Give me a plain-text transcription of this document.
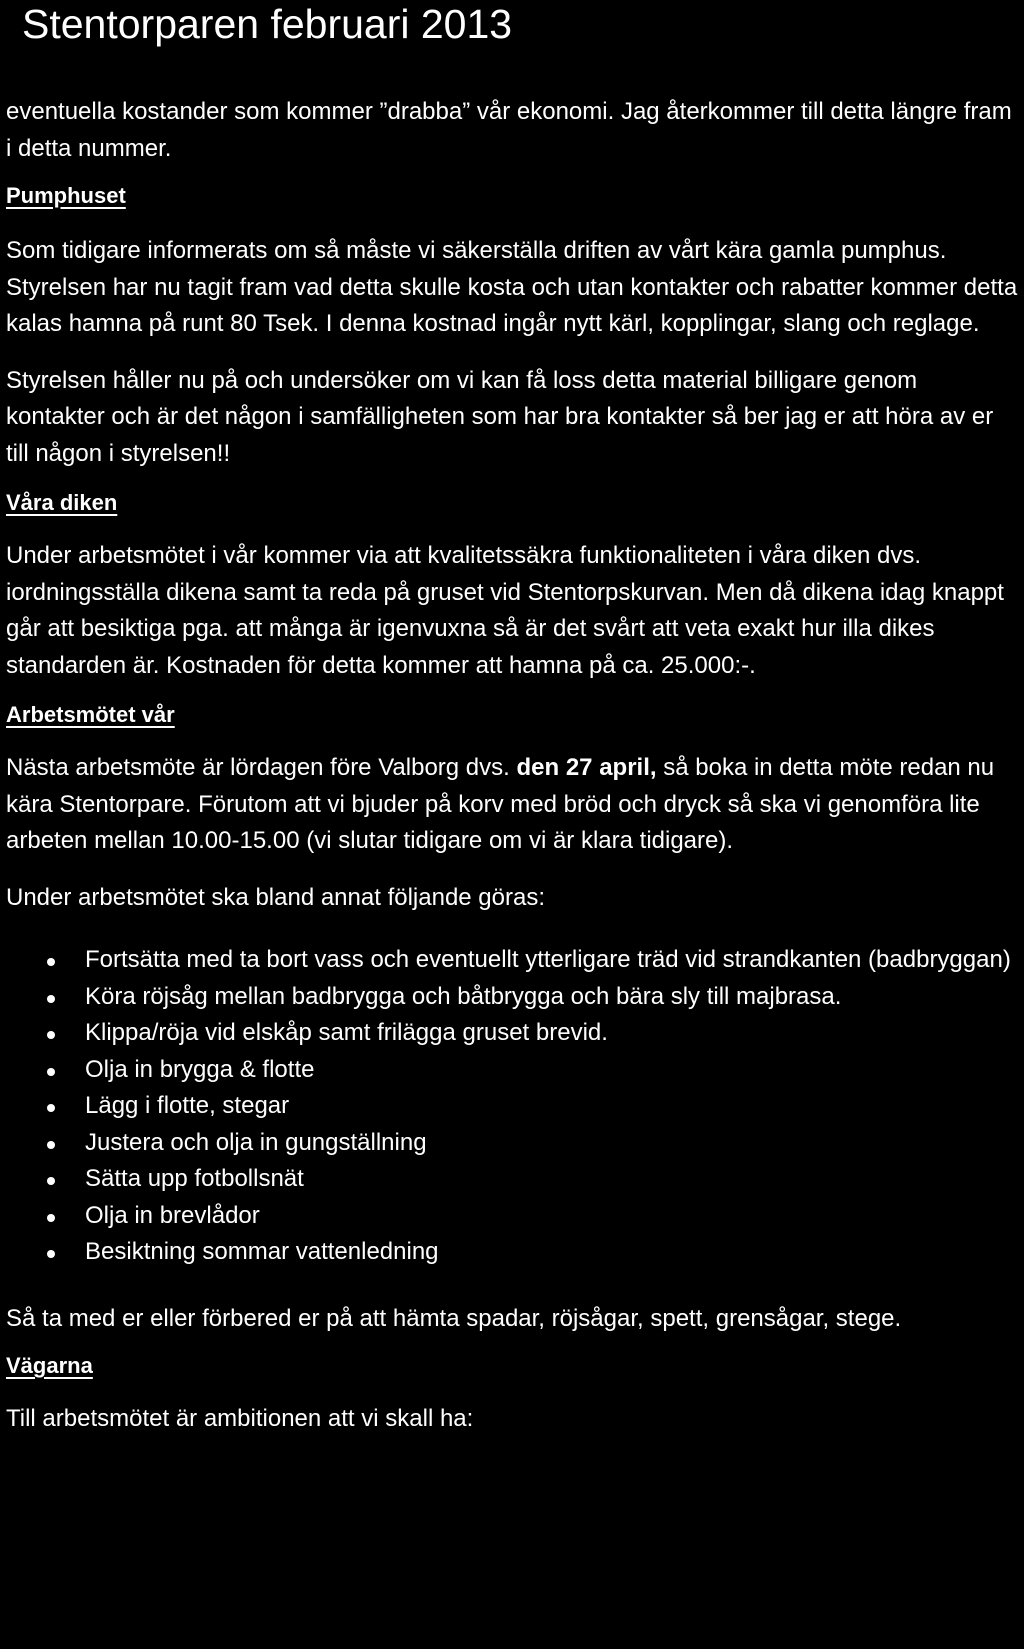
Stentorparen februari 2013

eventuella kostander som kommer ”drabba” vår ekonomi. Jag återkommer till detta längre fram i detta nummer.

Pumphuset

Som tidigare informerats om så måste vi säkerställa driften av vårt kära gamla pumphus. Styrelsen har nu tagit fram vad detta skulle kosta och utan kontakter och rabatter kommer detta kalas hamna på runt 80 Tsek. I denna kostnad ingår nytt kärl, kopplingar, slang och reglage.

Styrelsen håller nu på och undersöker om vi kan få loss detta material billigare genom kontakter och är det någon i samfälligheten som har bra kontakter så ber jag er att höra av er till någon i styrelsen!!

Våra diken

Under arbetsmötet i vår kommer via att kvalitetssäkra funktionaliteten i våra diken dvs. iordningsställa dikena samt ta reda på gruset vid Stentorpskurvan. Men då dikena idag knappt går att besiktiga pga. att många är igenvuxna så är det svårt att veta exakt hur illa dikes standarden är. Kostnaden för detta kommer att hamna på ca. 25.000:-.

Arbetsmötet vår

Nästa arbetsmöte är lördagen före Valborg dvs. den 27 april, så boka in detta möte redan nu kära Stentorpare. Förutom att vi bjuder på korv med bröd och dryck så ska vi genomföra lite arbeten mellan 10.00-15.00 (vi slutar tidigare om vi är klara tidigare).

Under arbetsmötet ska bland annat följande göras:

Fortsätta med ta bort vass och eventuellt ytterligare träd vid strandkanten (badbryggan)
Köra röjsåg mellan badbrygga och båtbrygga och bära sly till majbrasa.
Klippa/röja vid elskåp samt frilägga gruset brevid.
Olja in brygga & flotte
Lägg i flotte, stegar
Justera och olja in gungställning
Sätta upp fotbollsnät
Olja in brevlådor
Besiktning sommar vattenledning

Så ta med er eller förbered er på att hämta spadar, röjsågar, spett, grensågar, stege.

Vägarna

Till arbetsmötet är ambitionen att vi skall ha:
